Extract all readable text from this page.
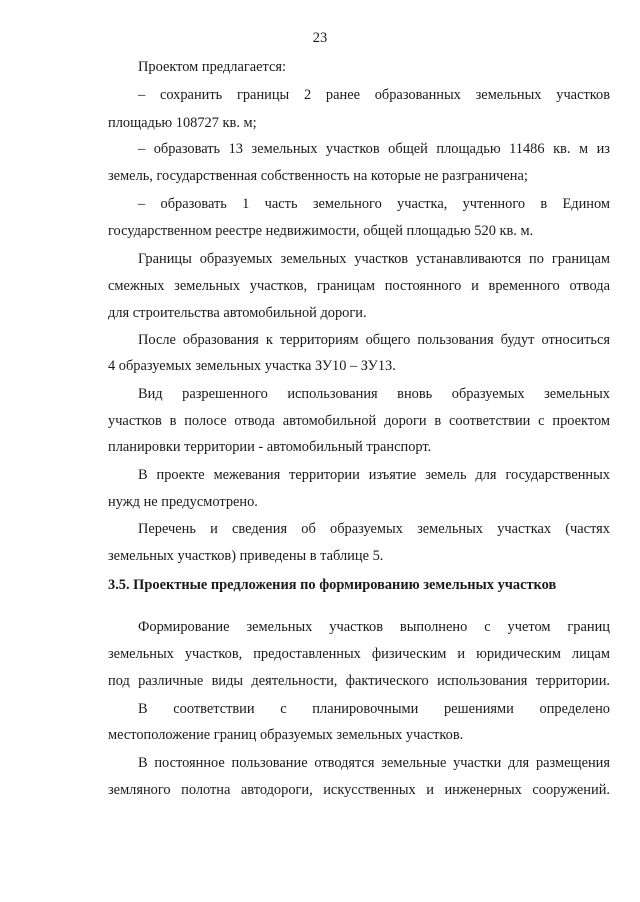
23
3.5. Проектные предложения по формированию земельных участков
Проектом предлагается:
– сохранить границы 2 ранее образованных земельных участков
площадью 108727 кв. м;
– образовать 13 земельных участков общей площадью 11486 кв. м из
земель, государственная собственность на которые не разграничена;
– образовать 1 часть земельного участка, учтенного в Едином
государственном реестре недвижимости, общей площадью 520 кв. м.
Границы образуемых земельных участков устанавливаются по границам
смежных земельных участков, границам постоянного и временного отвода
для строительства автомобильной дороги.
После образования к территориям общего пользования будут относиться
4 образуемых земельных участка ЗУ10 – ЗУ13.
Вид разрешенного использования вновь образуемых земельных
участков в полосе отвода автомобильной дороги в соответствии с проектом
планировки территории - автомобильный транспорт.
В проекте межевания территории изъятие земель для государственных
нужд не предусмотрено.
Перечень и сведения об образуемых земельных участках (частях
земельных участков) приведены в таблице 5.
Формирование земельных участков выполнено с учетом границ
земельных участков, предоставленных физическим и юридическим лицам
под различные виды деятельности, фактического использования территории.
В соответствии с планировочными решениями определено
местоположение границ образуемых земельных участков.
В постоянное пользование отводятся земельные участки для размещения
земляного полотна автодороги, искусственных и инженерных сооружений.
